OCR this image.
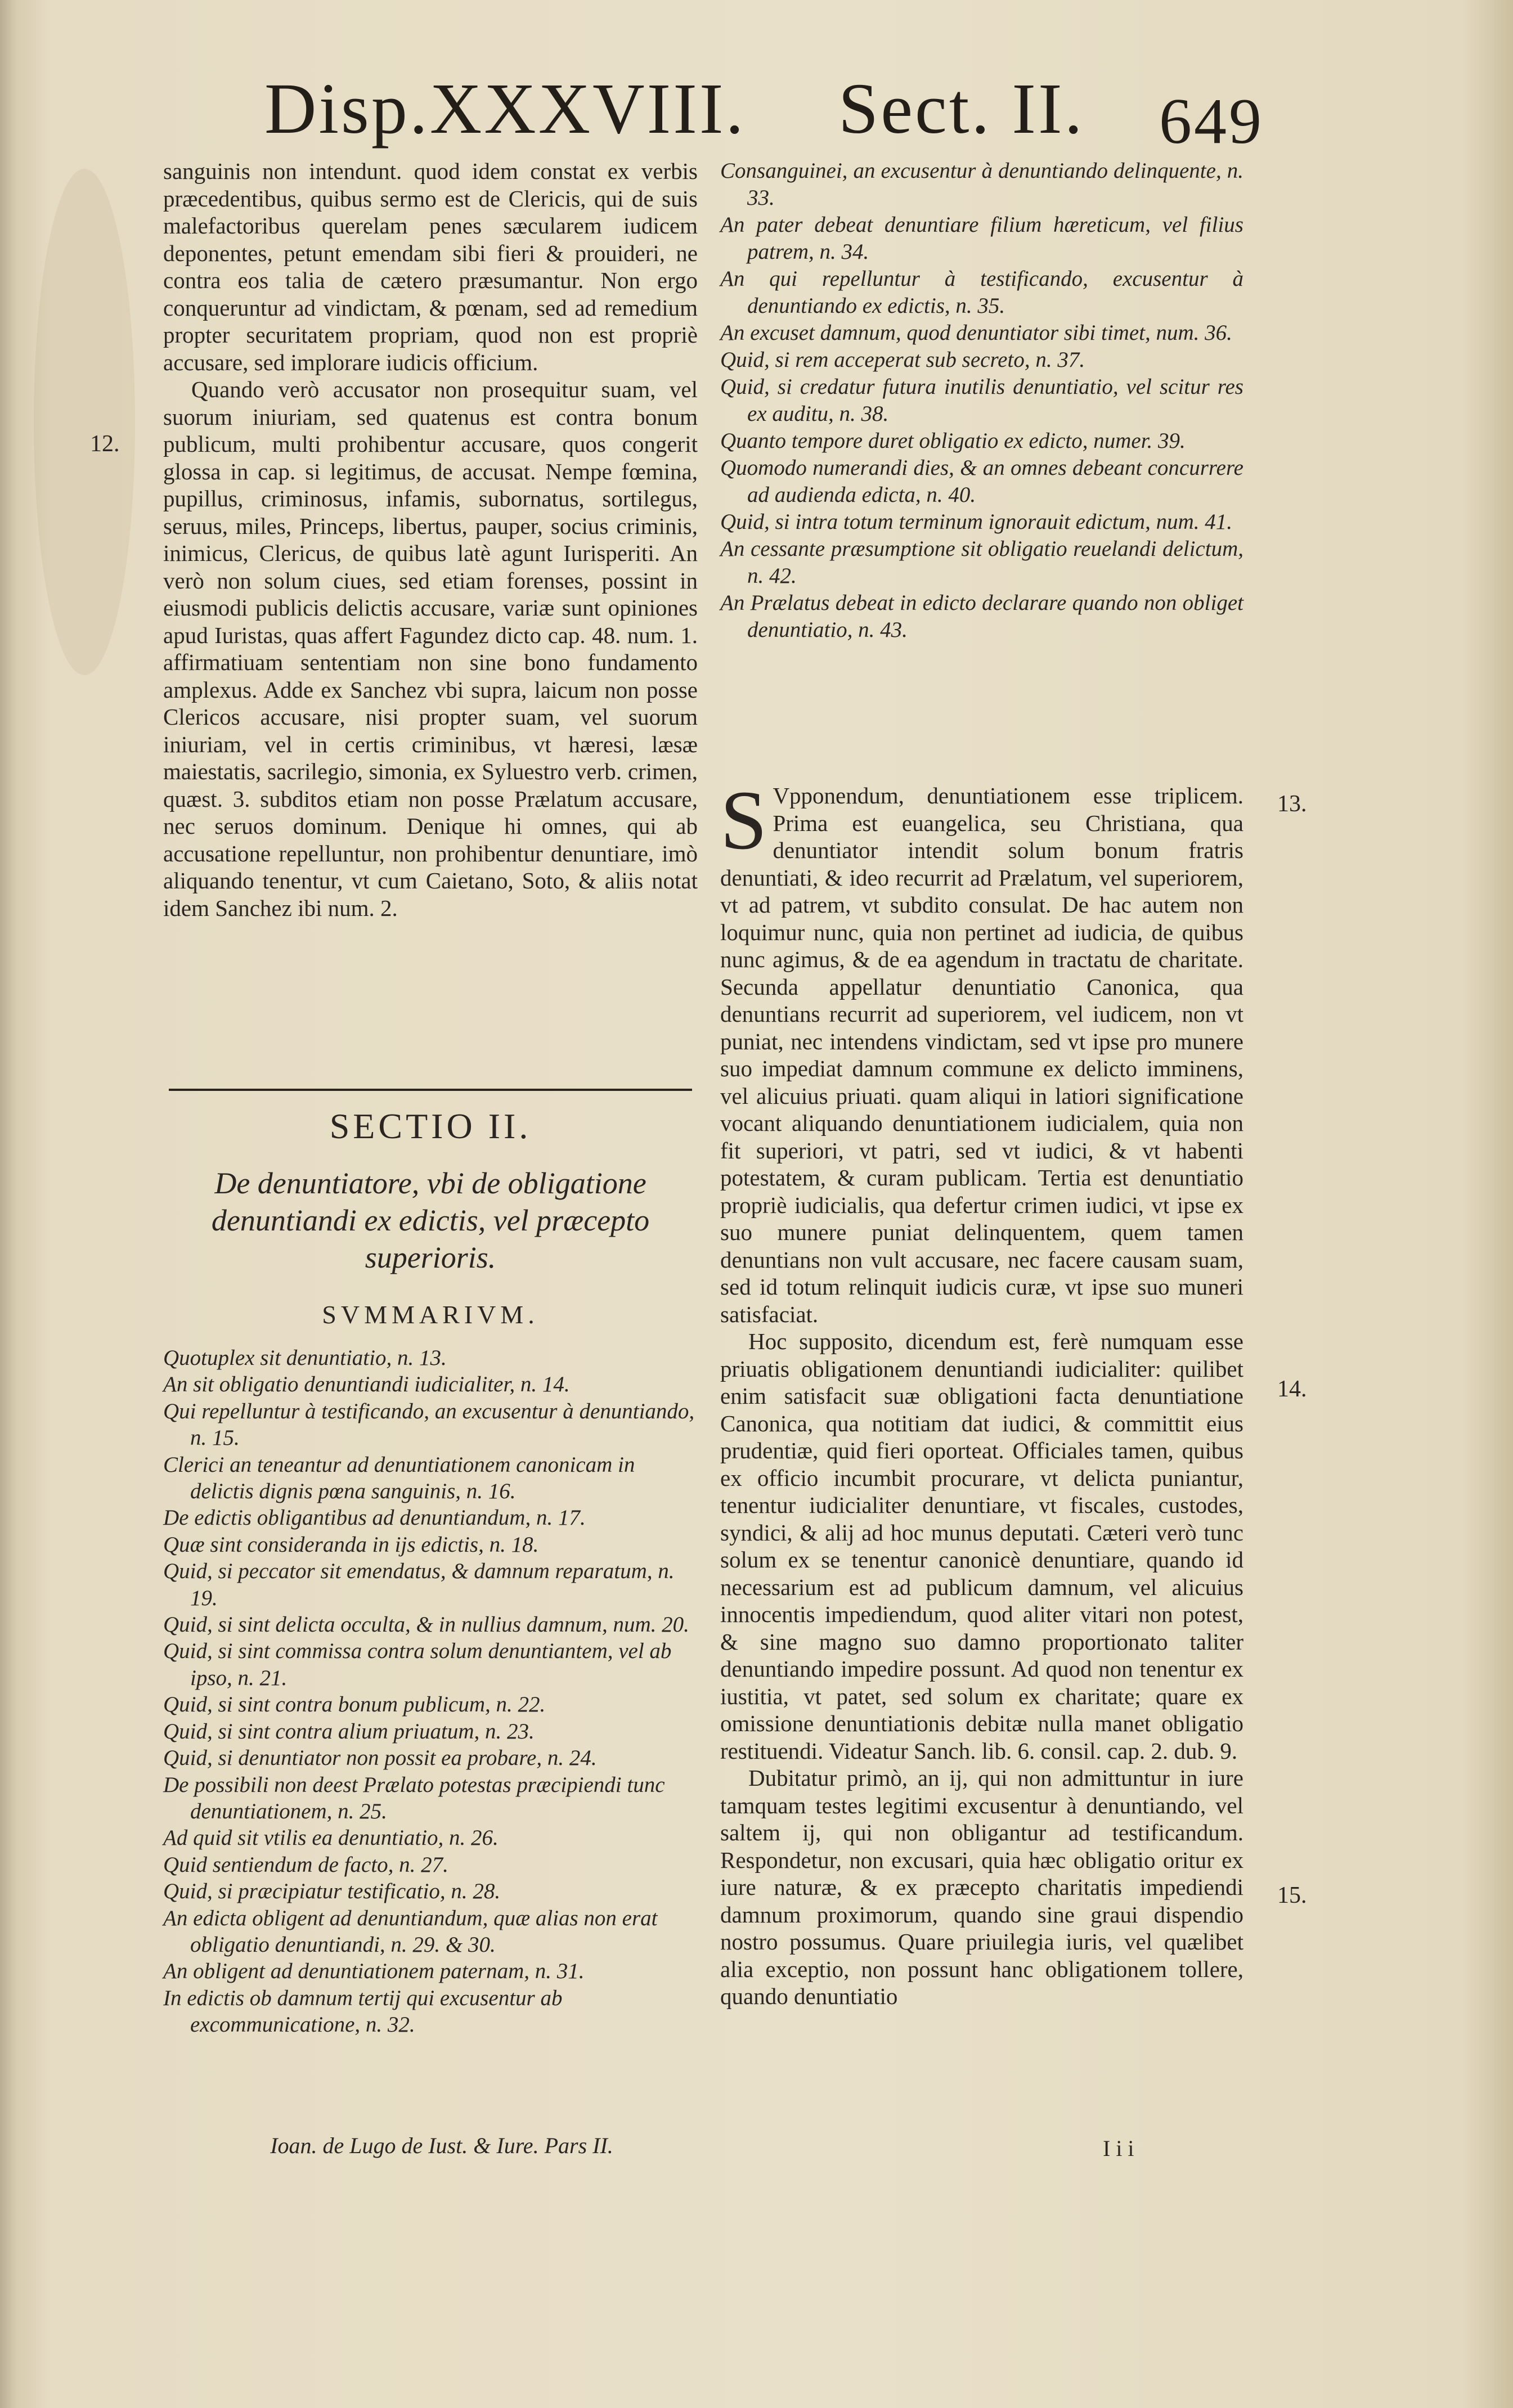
Disp.XXXVIII. Sect. II. 649
12.
13.
14.
15.

sanguinis non intendunt. quod idem constat ex verbis præcedentibus, quibus sermo est de Clericis, qui de suis malefactoribus querelam penes sæcularem iudicem deponentes, petunt emendam sibi fieri & prouideri, ne contra eos talia de cætero præsumantur. Non ergo conqueruntur ad vindictam, & pœnam, sed ad remedium propter securitatem propriam, quod non est propriè accusare, sed implorare iudicis officium.

Quando verò accusator non prosequitur suam, vel suorum iniuriam, sed quatenus est contra bonum publicum, multi prohibentur accusare, quos congerit glossa in cap. si legitimus, de accusat. Nempe fœmina, pupillus, criminosus, infamis, subornatus, sortilegus, seruus, miles, Princeps, libertus, pauper, socius criminis, inimicus, Clericus, de quibus latè agunt Iurisperiti. An verò non solum ciues, sed etiam forenses, possint in eiusmodi publicis delictis accusare, variæ sunt opiniones apud Iuristas, quas affert Fagundez dicto cap. 48. num. 1. affirmatiuam sententiam non sine bono fundamento amplexus. Adde ex Sanchez vbi supra, laicum non posse Clericos accusare, nisi propter suam, vel suorum iniuriam, vel in certis criminibus, vt hæresi, læsæ maiestatis, sacrilegio, simonia, ex Syluestro verb. crimen, quæst. 3. subditos etiam non posse Prælatum accusare, nec seruos dominum. Denique hi omnes, qui ab accusatione repelluntur, non prohibentur denuntiare, imò aliquando tenentur, vt cum Caietano, Soto, & aliis notat idem Sanchez ibi num. 2.

SECTIO II.
De denuntiatore, vbi de obligatione denuntiandi ex edictis, vel præcepto superioris.
SVMMARIVM.

Quotuplex sit denuntiatio, n. 13.

An sit obligatio denuntiandi iudicialiter, n. 14.

Qui repelluntur à testificando, an excusentur à denuntiando, n. 15.

Clerici an teneantur ad denuntiationem canonicam in delictis dignis pœna sanguinis, n. 16.

De edictis obligantibus ad denuntiandum, n. 17.

Quæ sint consideranda in ijs edictis, n. 18.

Quid, si peccator sit emendatus, & damnum reparatum, n. 19.

Quid, si sint delicta occulta, & in nullius damnum, num. 20.

Quid, si sint commissa contra solum denuntiantem, vel ab ipso, n. 21.

Quid, si sint contra bonum publicum, n. 22.

Quid, si sint contra alium priuatum, n. 23.

Quid, si denuntiator non possit ea probare, n. 24.

De possibili non deest Prælato potestas præcipiendi tunc denuntiationem, n. 25.

Ad quid sit vtilis ea denuntiatio, n. 26.

Quid sentiendum de facto, n. 27.

Quid, si præcipiatur testificatio, n. 28.

An edicta obligent ad denuntiandum, quæ alias non erat obligatio denuntiandi, n. 29. & 30.

An obligent ad denuntiationem paternam, n. 31.

In edictis ob damnum tertij qui excusentur ab excommunicatione, n. 32.

Ioan. de Lugo de Iust. & Iure. Pars II.	I i i

Consanguinei, an excusentur à denuntiando delinquente, n. 33.

An pater debeat denuntiare filium hæreticum, vel filius patrem, n. 34.

An qui repelluntur à testificando, excusentur à denuntiando ex edictis, n. 35.

An excuset damnum, quod denuntiator sibi timet, num. 36.

Quid, si rem acceperat sub secreto, n. 37.

Quid, si credatur futura inutilis denuntiatio, vel scitur res ex auditu, n. 38.

Quanto tempore duret obligatio ex edicto, numer. 39.

Quomodo numerandi dies, & an omnes debeant concurrere ad audienda edicta, n. 40.

Quid, si intra totum terminum ignorauit edictum, num. 41.

An cessante præsumptione sit obligatio reuelandi delictum, n. 42.

An Prælatus debeat in edicto declarare quando non obliget denuntiatio, n. 43.

S Vpponendum, denuntiationem esse triplicem. Prima est euangelica, seu Christiana, qua denuntiator intendit solum bonum fratris denuntiati, & ideo recurrit ad Prælatum, vel superiorem, vt ad patrem, vt subdito consulat. De hac autem non loquimur nunc, quia non pertinet ad iudicia, de quibus nunc agimus, & de ea agendum in tractatu de charitate. Secunda appellatur denuntiatio Canonica, qua denuntians recurrit ad superiorem, vel iudicem, non vt puniat, nec intendens vindictam, sed vt ipse pro munere suo impediat damnum commune ex delicto imminens, vel alicuius priuati. quam aliqui in latiori significatione vocant aliquando denuntiationem iudicialem, quia non fit superiori, vt patri, sed vt iudici, & vt habenti potestatem, & curam publicam. Tertia est denuntiatio propriè iudicialis, qua defertur crimen iudici, vt ipse ex suo munere puniat delinquentem, quem tamen denuntians non vult accusare, nec facere causam suam, sed id totum relinquit iudicis curæ, vt ipse suo muneri satisfaciat.

Hoc supposito, dicendum est, ferè numquam esse priuatis obligationem denuntiandi iudicialiter: quilibet enim satisfacit suæ obligationi facta denuntiatione Canonica, qua notitiam dat iudici, & committit eius prudentiæ, quid fieri oporteat. Officiales tamen, quibus ex officio incumbit procurare, vt delicta puniantur, tenentur iudicialiter denuntiare, vt fiscales, custodes, syndici, & alij ad hoc munus deputati. Cæteri verò tunc solum ex se tenentur canonicè denuntiare, quando id necessarium est ad publicum damnum, vel alicuius innocentis impediendum, quod aliter vitari non potest, & sine magno suo damno proportionato taliter denuntiando impedire possunt. Ad quod non tenentur ex iustitia, vt patet, sed solum ex charitate; quare ex omissione denuntiationis debitæ nulla manet obligatio restituendi. Videatur Sanch. lib. 6. consil. cap. 2. dub. 9.

Dubitatur primò, an ij, qui non admittuntur in iure tamquam testes legitimi excusentur à denuntiando, vel saltem ij, qui non obligantur ad testificandum. Respondetur, non excusari, quia hæc obligatio oritur ex iure naturæ, & ex præcepto charitatis impediendi damnum proximorum, quando sine graui dispendio nostro possumus. Quare priuilegia iuris, vel quælibet alia exceptio, non possunt hanc obligationem tollere, quando denuntiatio
